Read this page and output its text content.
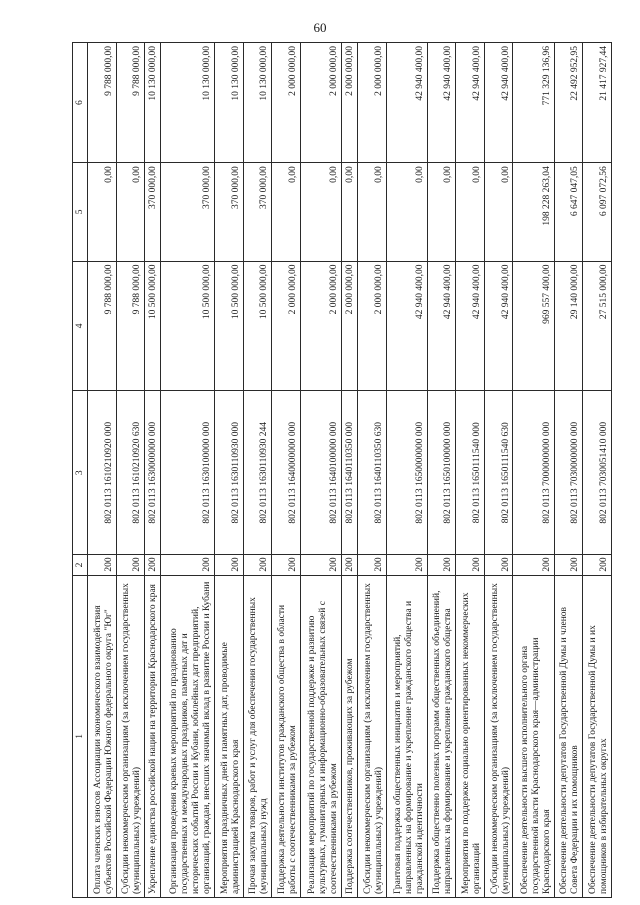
60
1	2	3	4	5	6
Оплата членских взносов Ассоциации экономического взаимодействия субъектов Российской Федерации Южного федерального округа "Юг"	200	802 0113 1610210920 000	9 788 000,00	0,00	9 788 000,00
Субсидии некоммерческим организациям (за исключением государственных (муниципальных) учреждений)	200	802 0113 1610210920 630	9 788 000,00	0,00	9 788 000,00
Укрепление единства российской нации на территории Краснодарского края	200	802 0113 1630000000 000	10 500 000,00	370 000,00	10 130 000,00
Организация проведения краевых мероприятий по празднованию государственных и международных праздников, памятных дат и исторических событий России и Кубани, юбилейных дат предприятий, организаций, граждан, внесших значимый вклад в развитие России и Кубани	200	802 0113 1630100000 000	10 500 000,00	370 000,00	10 130 000,00
Мероприятия праздничных дней и памятных дат, проводимые администрацией Краснодарского края	200	802 0113 1630110930 000	10 500 000,00	370 000,00	10 130 000,00
Прочая закупка товаров, работ и услуг для обеспечения государственных (муниципальных) нужд	200	802 0113 1630110930 244	10 500 000,00	370 000,00	10 130 000,00
Поддержка деятельности институтов гражданского общества в области работы с соотечественниками за рубежом	200	802 0113 1640000000 000	2 000 000,00	0,00	2 000 000,00
Реализация мероприятий по государственной поддержке и развитию культурных, гуманитарных и информационно-образовательных связей с соотечественниками за рубежом	200	802 0113 1640100000 000	2 000 000,00	0,00	2 000 000,00
Поддержка соотечественников, проживающих за рубежом	200	802 0113 1640110350 000	2 000 000,00	0,00	2 000 000,00
Субсидии некоммерческим организациям (за исключением государственных (муниципальных) учреждений)	200	802 0113 1640110350 630	2 000 000,00	0,00	2 000 000,00
Грантовая поддержка общественных инициатив и мероприятий, направленных на формирование и укрепление гражданского общества и гражданской идентичности	200	802 0113 1650000000 000	42 940 400,00	0,00	42 940 400,00
Поддержка общественно полезных программ общественных объединений, направленных на формирование и укрепление гражданского общества	200	802 0113 1650100000 000	42 940 400,00	0,00	42 940 400,00
Мероприятия по поддержке социально ориентированных некоммерческих организаций	200	802 0113 1650111540 000	42 940 400,00	0,00	42 940 400,00
Субсидии некоммерческим организациям (за исключением государственных (муниципальных) учреждений)	200	802 0113 1650111540 630	42 940 400,00	0,00	42 940 400,00
Обеспечение деятельности высшего исполнительного органа государственной власти Краснодарского края—администрации Краснодарского края	200	802 0113 7000000000 000	969 557 400,00	198 228 263,04	771 329 136,96
Обеспечение деятельности депутатов Государственной Думы и членов Совета Федерации и их помощников	200	802 0113 7030000000 000	29 140 000,00	6 647 047,05	22 492 952,95
Обеспечение деятельности депутатов Государственной Думы и их помощников в избирательных округах	200	802 0113 7030051410 000	27 515 000,00	6 097 072,56	21 417 927,44
